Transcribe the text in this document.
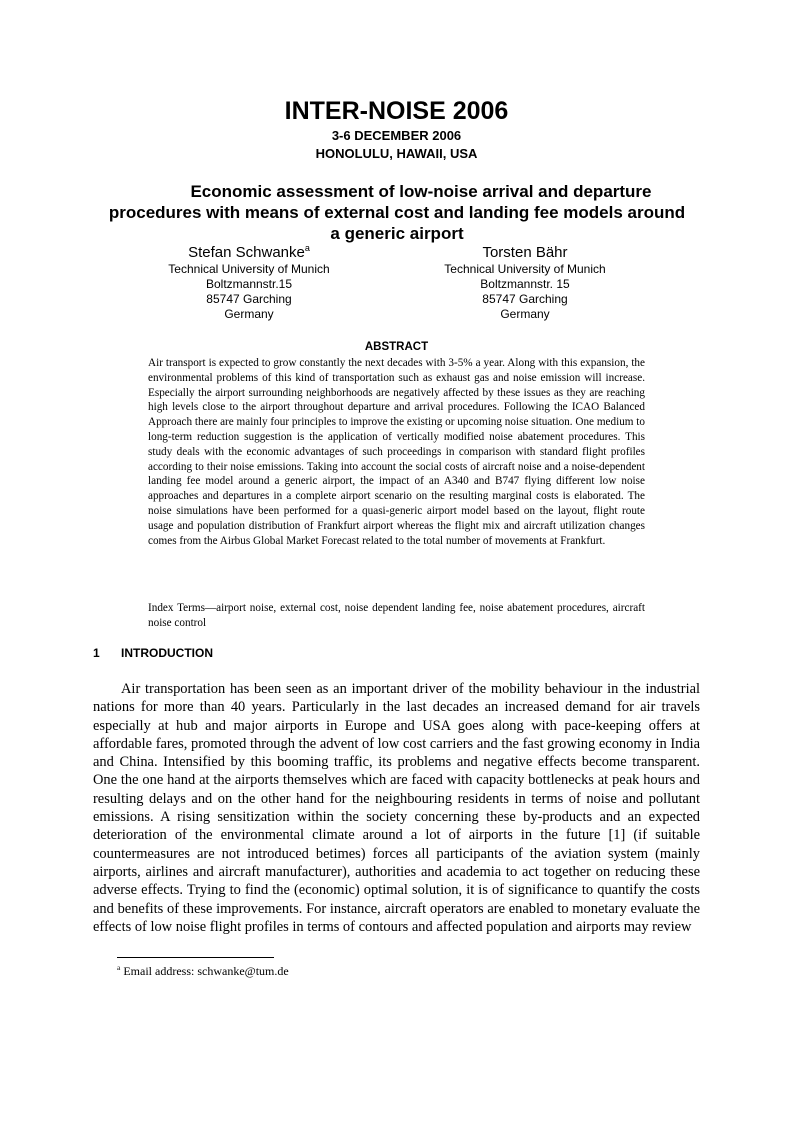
INTER-NOISE 2006
3-6 DECEMBER 2006
HONOLULU, HAWAII, USA
Economic assessment of low-noise arrival and departure procedures with means of external cost and landing fee models around a generic airport
Stefan Schwanke$^a$
Technical University of Munich
Boltzmannstr.15
85747 Garching
Germany
Torsten Bähr
Technical University of Munich
Boltzmannstr. 15
85747 Garching
Germany
ABSTRACT

Air transport is expected to grow constantly the next decades with 3-5% a year. Along with this expansion, the environmental problems of this kind of transportation such as exhaust gas and noise emission will increase. Especially the airport surrounding neighborhoods are negatively affected by these issues as they are reaching high levels close to the airport throughout departure and arrival procedures. Following the ICAO Balanced Approach there are mainly four principles to improve the existing or upcoming noise situation. One medium to long-term reduction suggestion is the application of vertically modified noise abatement procedures. This study deals with the economic advantages of such proceedings in comparison with standard flight profiles according to their noise emissions. Taking into account the social costs of aircraft noise and a noise-dependent landing fee model around a generic airport, the impact of an A340 and B747 flying different low noise approaches and departures in a complete airport scenario on the resulting marginal costs is elaborated. The noise simulations have been performed for a quasi-generic airport model based on the layout, flight route usage and population distribution of Frankfurt airport whereas the flight mix and aircraft utilization changes comes from the Airbus Global Market Forecast related to the total number of movements at Frankfurt.

Index Terms—airport noise, external cost, noise dependent landing fee, noise abatement procedures, aircraft noise control

1 INTRODUCTION

Air transportation has been seen as an important driver of the mobility behaviour in the industrial nations for more than 40 years. Particularly in the last decades an increased demand for air travels especially at hub and major airports in Europe and USA goes along with pace-keeping offers at affordable fares, promoted through the advent of low cost carriers and the fast growing economy in India and China. Intensified by this booming traffic, its problems and negative effects become transparent. One the one hand at the airports themselves which are faced with capacity bottlenecks at peak hours and resulting delays and on the other hand for the neighbouring residents in terms of noise and pollutant emissions. A rising sensitization within the society concerning these by-products and an expected deterioration of the environmental climate around a lot of airports in the future [1] (if suitable countermeasures are not introduced betimes) forces all participants of the aviation system (mainly airports, airlines and aircraft manufacturer), authorities and academia to act together on reducing these adverse effects. Trying to find the (economic) optimal solution, it is of significance to quantify the costs and benefits of these improvements. For instance, aircraft operators are enabled to monetary evaluate the effects of low noise flight profiles in terms of contours and affected population and airports may review

$^a$ Email address: schwanke@tum.de
